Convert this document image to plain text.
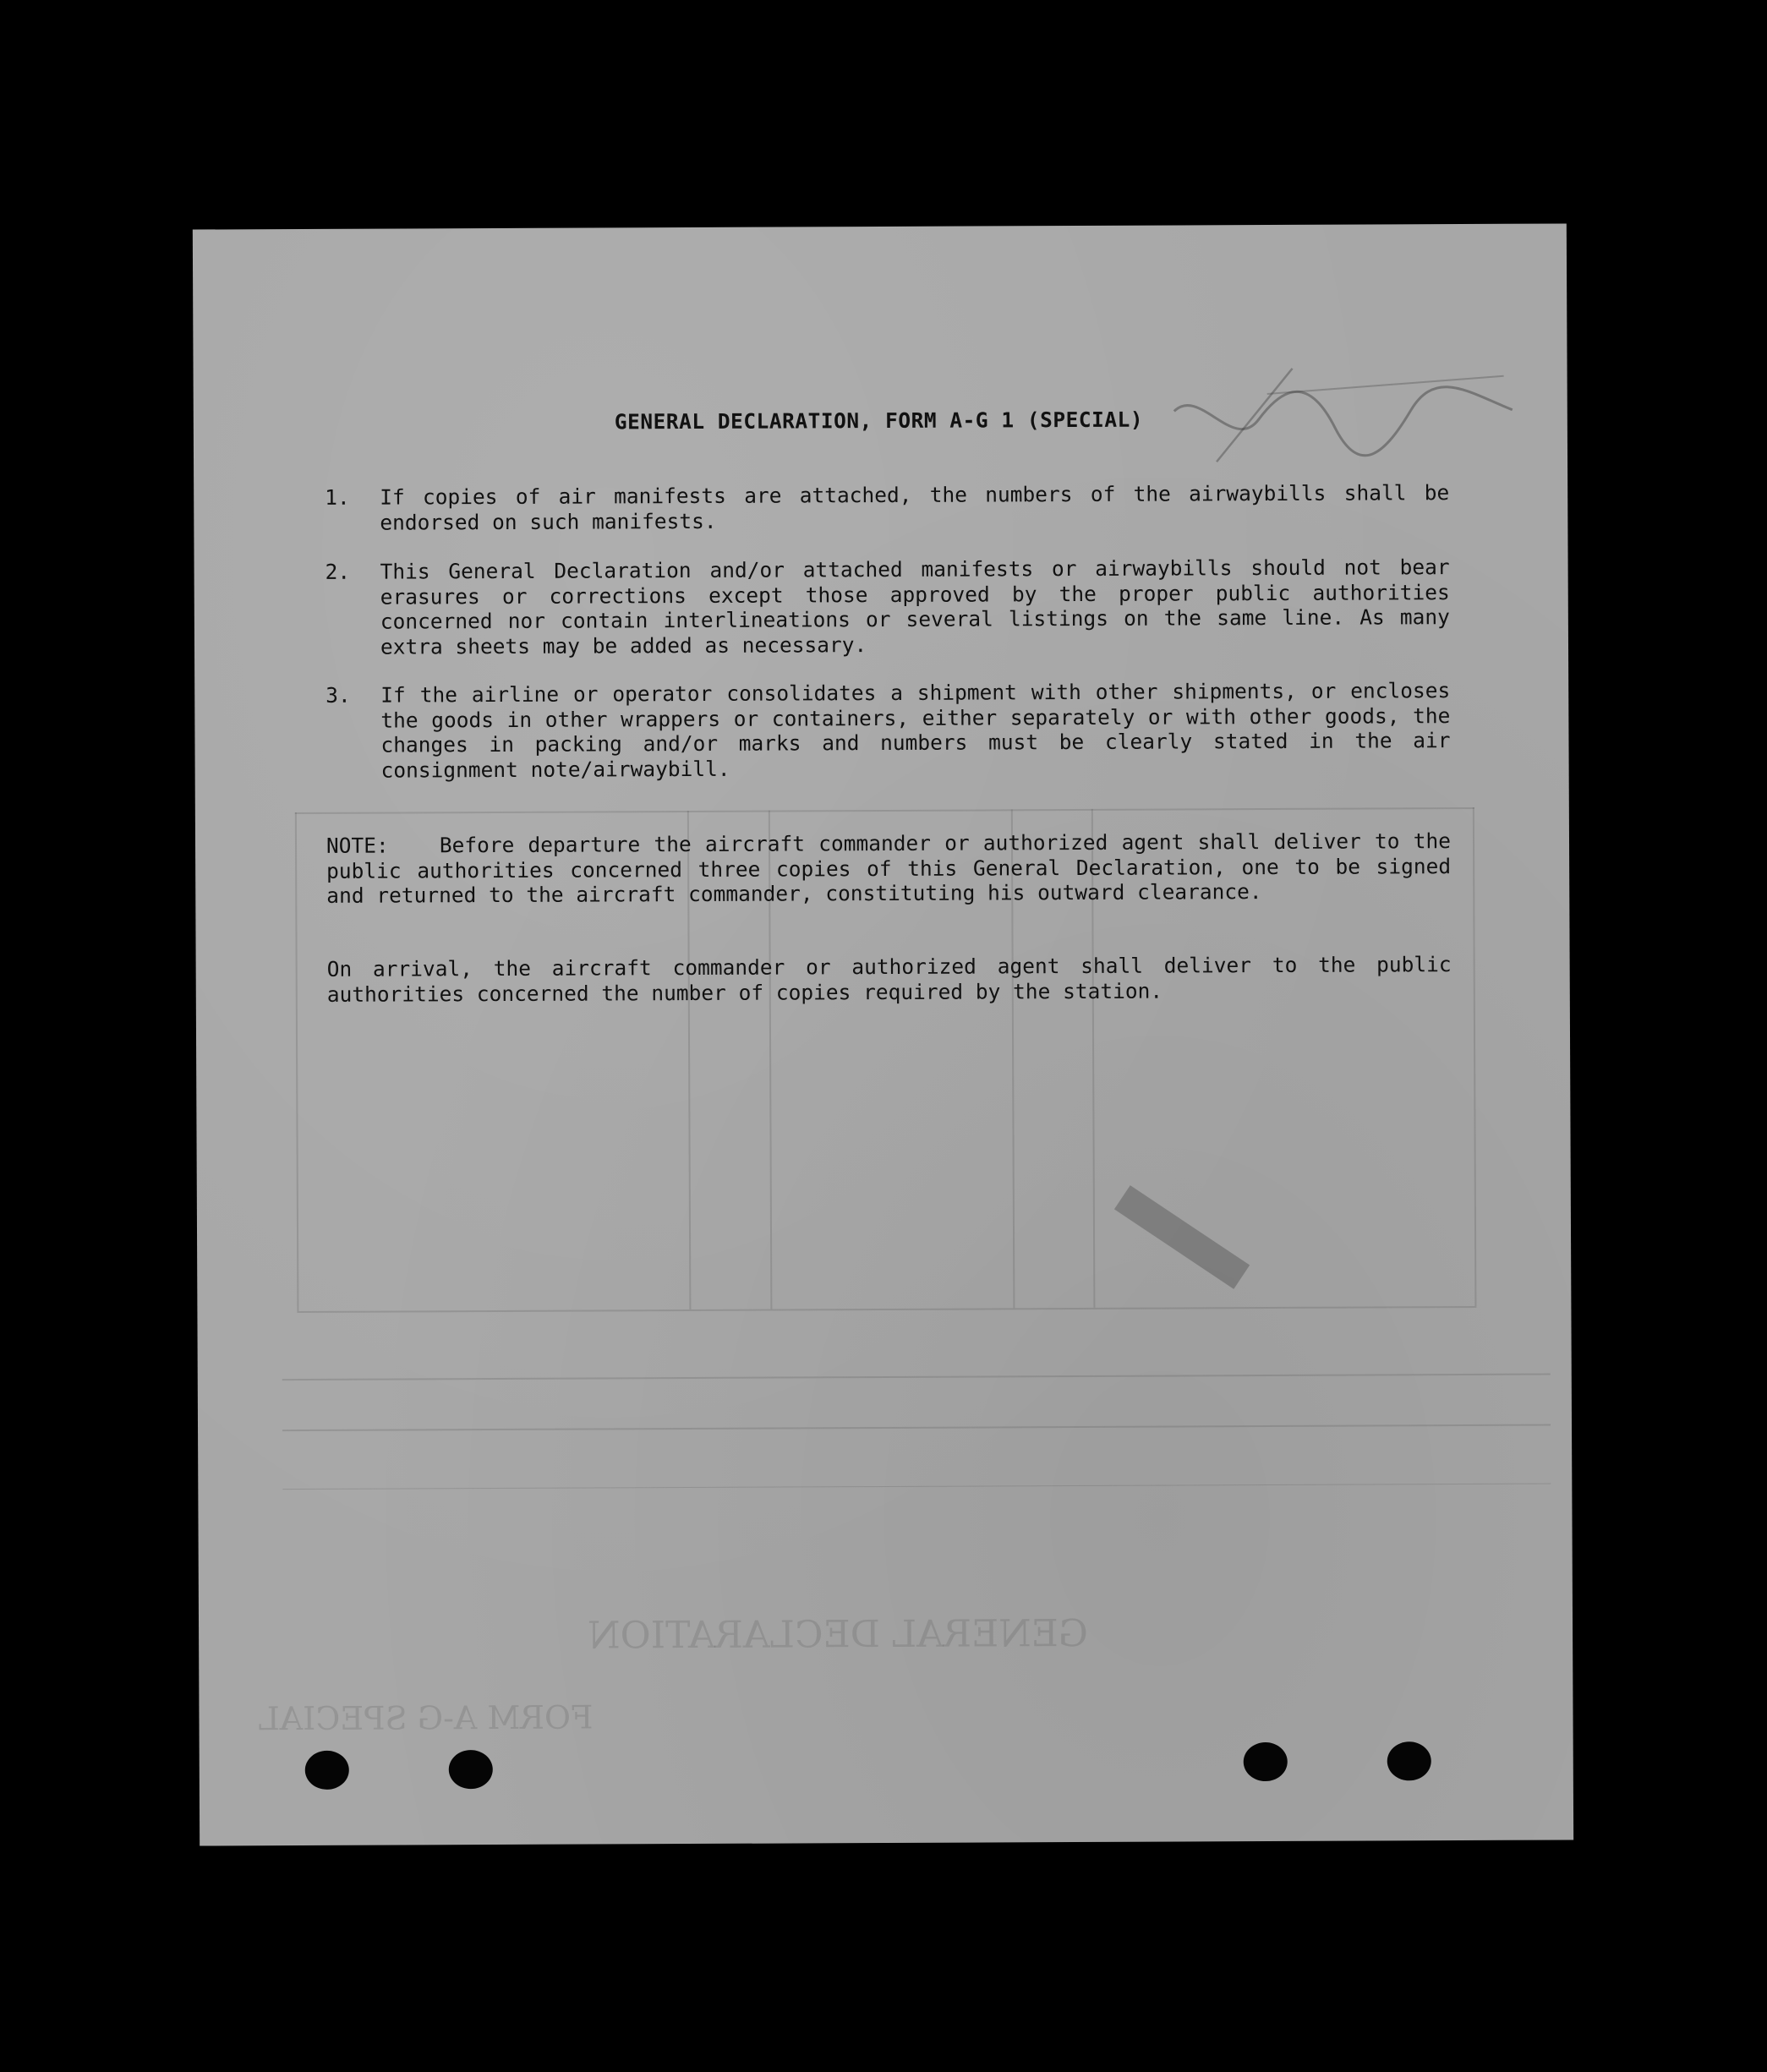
GENERAL DECLARATION
FORM A-G SPECIAL
GENERAL DECLARATION, FORM A-G 1 (SPECIAL)
1.	If copies of air manifests are attached, the numbers of the airwaybills shall be endorsed on such manifests.
2.	This General Declaration and/or attached manifests or airwaybills should not bear erasures or corrections except those approved by the proper public authorities concerned nor contain interlineations or several listings on the same line. As many extra sheets may be added as necessary.
3.	If the airline or operator consolidates a shipment with other shipments, or encloses the goods in other wrappers or containers, either separately or with other goods, the changes in packing and/or marks and numbers must be clearly stated in the air consignment note/airwaybill.
NOTE: Before departure the aircraft commander or authorized agent shall deliver to the public authorities concerned three copies of this General Declaration, one to be signed and returned to the aircraft commander, constituting his outward clearance.
On arrival, the aircraft commander or authorized agent shall deliver to the public authorities concerned the number of copies required by the station.
